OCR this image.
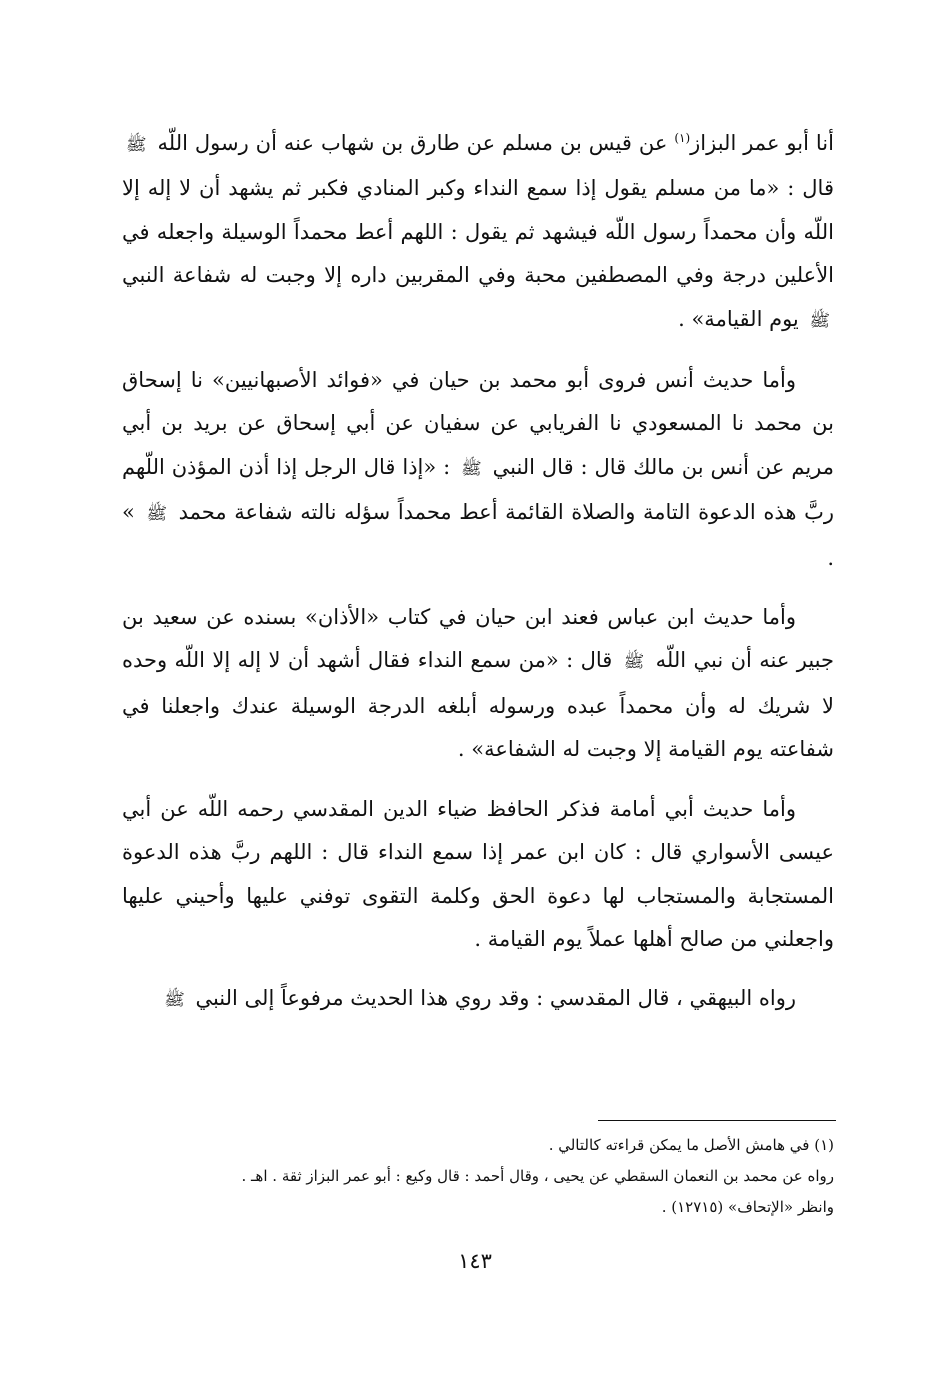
أنا أبو عمر البزاز$^{(١)}$ عن قيس بن مسلم عن طارق بن شهاب عنه أن رسول اللّه ﷺ قال : «ما من مسلم يقول إذا سمع النداء وكبر المنادي فكبر ثم يشهد أن لا إله إلا اللّه وأن محمداً رسول اللّه فيشهد ثم يقول : اللهم أعط محمداً الوسيلة واجعله في الأعلين درجة وفي المصطفين محبة وفي المقربين داره إلا وجبت له شفاعة النبي ﷺ يوم القيامة» .

وأما حديث أنس فروى أبو محمد بن حيان في «فوائد الأصبهانيين» نا إسحاق بن محمد نا المسعودي نا الفريابي عن سفيان عن أبي إسحاق عن بريد بن أبي مريم عن أنس بن مالك قال : قال النبي ﷺ : «إذا قال الرجل إذا أذن المؤذن اللّهم ربَّ هذه الدعوة التامة والصلاة القائمة أعط محمداً سؤله نالته شفاعة محمد ﷺ » .

وأما حديث ابن عباس فعند ابن حيان في كتاب «الأذان» بسنده عن سعيد بن جبير عنه أن نبي اللّه ﷺ قال : «من سمع النداء فقال أشهد أن لا إله إلا اللّه وحده لا شريك له وأن محمداً عبده ورسوله أبلغه الدرجة الوسيلة عندك واجعلنا في شفاعته يوم القيامة إلا وجبت له الشفاعة» .

وأما حديث أبي أمامة فذكر الحافظ ضياء الدين المقدسي رحمه اللّه عن أبي عيسى الأسواري قال : كان ابن عمر إذا سمع النداء قال : اللهم ربَّ هذه الدعوة المستجابة والمستجاب لها دعوة الحق وكلمة التقوى توفني عليها وأحيني عليها واجعلني من صالح أهلها عملاً يوم القيامة .

رواه البيهقي ، قال المقدسي : وقد روي هذا الحديث مرفوعاً إلى النبي ﷺ

(١) في هامش الأصل ما يمكن قراءته كالتالي .

رواه عن محمد بن النعمان السقطي عن يحيى ، وقال أحمد : قال وكيع : أبو عمر البزاز ثقة . اهـ .

وانظر «الإتحاف» (١٢٧١٥) .

١٤٣
